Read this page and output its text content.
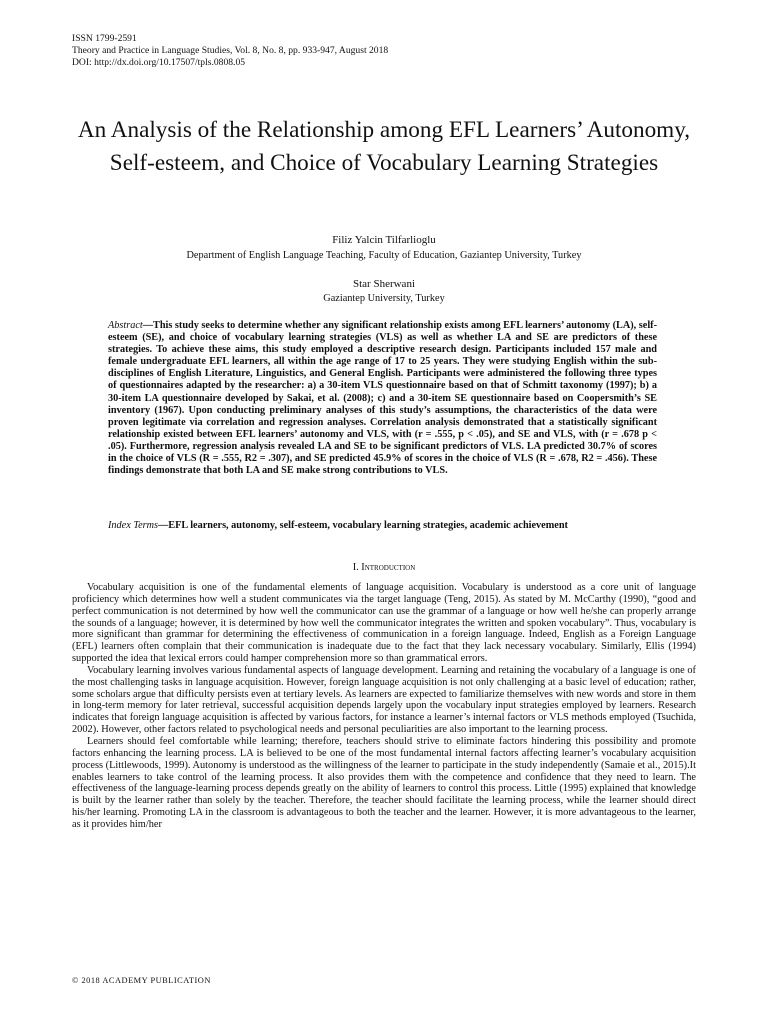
ISSN 1799-2591
Theory and Practice in Language Studies, Vol. 8, No. 8, pp. 933-947, August 2018
DOI: http://dx.doi.org/10.17507/tpls.0808.05
An Analysis of the Relationship among EFL Learners’ Autonomy, Self-esteem, and Choice of Vocabulary Learning Strategies
Filiz Yalcin Tilfarlioglu
Department of English Language Teaching, Faculty of Education, Gaziantep University, Turkey
Star Sherwani
Gaziantep University, Turkey
Abstract—This study seeks to determine whether any significant relationship exists among EFL learners’ autonomy (LA), self-esteem (SE), and choice of vocabulary learning strategies (VLS) as well as whether LA and SE are predictors of these strategies. To achieve these aims, this study employed a descriptive research design. Participants included 157 male and female undergraduate EFL learners, all within the age range of 17 to 25 years. They were studying English within the sub-disciplines of English Literature, Linguistics, and General English. Participants were administered the following three types of questionnaires adapted by the researcher: a) a 30-item VLS questionnaire based on that of Schmitt taxonomy (1997); b) a 30-item LA questionnaire developed by Sakai, et al. (2008); c) and a 30-item SE questionnaire based on Coopersmith’s SE inventory (1967). Upon conducting preliminary analyses of this study’s assumptions, the characteristics of the data were proven legitimate via correlation and regression analyses. Correlation analysis demonstrated that a statistically significant relationship existed between EFL learners’ autonomy and VLS, with (r = .555, p < .05), and SE and VLS, with (r = .678 p < .05). Furthermore, regression analysis revealed LA and SE to be significant predictors of VLS. LA predicted 30.7% of scores in the choice of VLS (R = .555, R2 = .307), and SE predicted 45.9% of scores in the choice of VLS (R = .678, R2 = .456). These findings demonstrate that both LA and SE make strong contributions to VLS.
Index Terms—EFL learners, autonomy, self-esteem, vocabulary learning strategies, academic achievement
I. Introduction

Vocabulary acquisition is one of the fundamental elements of language acquisition. Vocabulary is understood as a core unit of language proficiency which determines how well a student communicates via the target language (Teng, 2015). As stated by M. McCarthy (1990), “good and perfect communication is not determined by how well the communicator can use the grammar of a language or how well he/she can properly arrange the sounds of a language; however, it is determined by how well the communicator integrates the written and spoken vocabulary”. Thus, vocabulary is more significant than grammar for determining the effectiveness of communication in a foreign language. Indeed, English as a Foreign Language (EFL) learners often complain that their communication is inadequate due to the fact that they lack necessary vocabulary. Similarly, Ellis (1994) supported the idea that lexical errors could hamper comprehension more so than grammatical errors.

Vocabulary learning involves various fundamental aspects of language development. Learning and retaining the vocabulary of a language is one of the most challenging tasks in language acquisition. However, foreign language acquisition is not only challenging at a basic level of education; rather, some scholars argue that difficulty persists even at tertiary levels. As learners are expected to familiarize themselves with new words and store in them in long-term memory for later retrieval, successful acquisition depends largely upon the vocabulary input strategies employed by learners. Research indicates that foreign language acquisition is affected by various factors, for instance a learner’s internal factors or VLS methods employed (Tsuchida, 2002). However, other factors related to psychological needs and personal peculiarities are also important to the learning process.

Learners should feel comfortable while learning; therefore, teachers should strive to eliminate factors hindering this possibility and promote factors enhancing the learning process. LA is believed to be one of the most fundamental internal factors affecting learner’s vocabulary acquisition process (Littlewoods, 1999). Autonomy is understood as the willingness of the learner to participate in the study independently (Samaie et al., 2015).It enables learners to take control of the learning process. It also provides them with the competence and confidence that they need to learn. The effectiveness of the language-learning process depends greatly on the ability of learners to control this process. Little (1995) explained that knowledge is built by the learner rather than solely by the teacher. Therefore, the teacher should facilitate the learning process, while the learner should direct his/her learning. Promoting LA in the classroom is advantageous to both the teacher and the learner. However, it is more advantageous to the learner, as it provides him/her

© 2018 ACADEMY PUBLICATION
